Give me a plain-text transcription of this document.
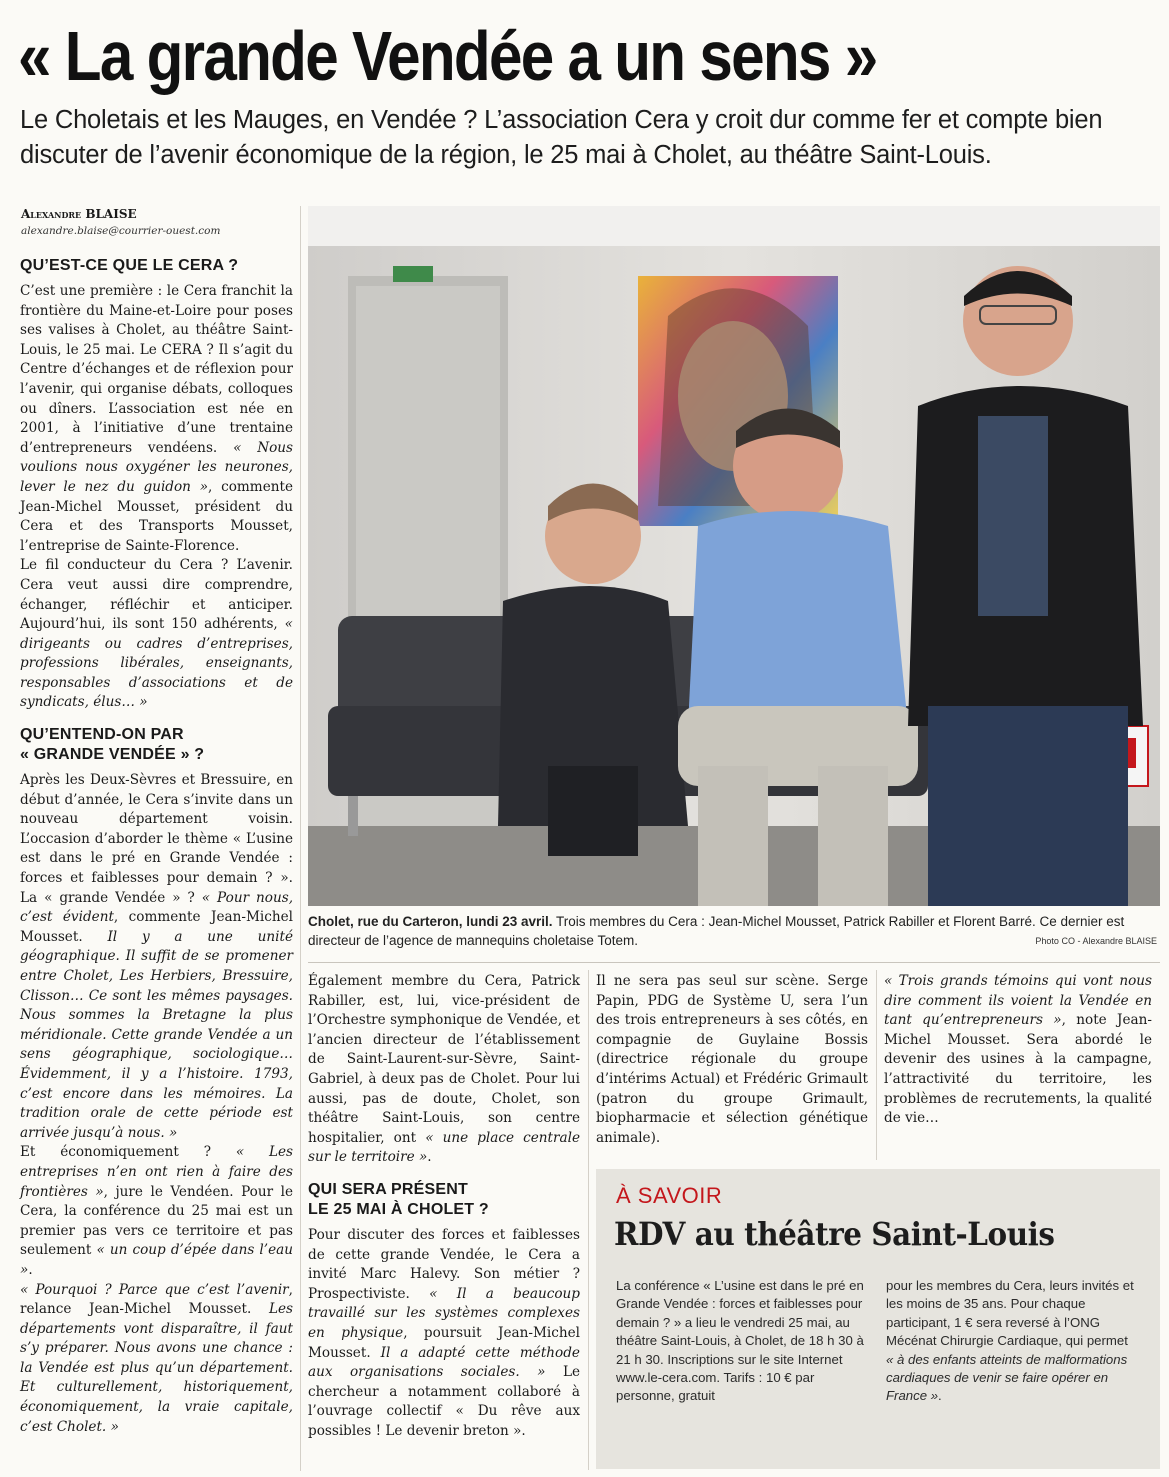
« La grande Vendée a un sens »
Le Choletais et les Mauges, en Vendée ? L’association Cera y croit dur comme fer et compte bien discuter de l’avenir économique de la région, le 25 mai à Cholet, au théâtre Saint-Louis.
Alexandre BLAISE
alexandre.blaise@courrier-ouest.com
QU’EST-CE QUE LE CERA ?

C’est une première : le Cera franchit la frontière du Maine-et-Loire pour poses ses valises à Cholet, au théâtre Saint-Louis, le 25 mai. Le CERA ? Il s’agit du Centre d’échanges et de réflexion pour l’avenir, qui organise débats, colloques ou dîners. L’association est née en 2001, à l’initiative d’une trentaine d’entrepreneurs vendéens. « Nous voulions nous oxygéner les neurones, lever le nez du guidon », commente Jean-Michel Mousset, président du Cera et des Transports Mousset, l’entreprise de Sainte-Florence.

Le fil conducteur du Cera ? L’avenir. Cera veut aussi dire comprendre, échanger, réfléchir et anticiper. Aujourd’hui, ils sont 150 adhérents, « dirigeants ou cadres d’entreprises, professions libérales, enseignants, responsables d’associations et de syndicats, élus… »

QU’ENTEND-ON PAR
« GRANDE VENDÉE » ?

Après les Deux-Sèvres et Bressuire, en début d’année, le Cera s’invite dans un nouveau département voisin. L’occasion d’aborder le thème « L’usine est dans le pré en Grande Vendée : forces et faiblesses pour demain ? ». La « grande Vendée » ? « Pour nous, c’est évident, commente Jean-Michel Mousset. Il y a une unité géographique. Il suffit de se promener entre Cholet, Les Herbiers, Bressuire, Clisson… Ce sont les mêmes paysages. Nous sommes la Bretagne la plus méridionale. Cette grande Vendée a un sens géographique, sociologique… Évidemment, il y a l’histoire. 1793, c’est encore dans les mémoires. La tradition orale de cette période est arrivée jusqu’à nous. »

Et économiquement ? « Les entreprises n’en ont rien à faire des frontières », jure le Vendéen. Pour le Cera, la conférence du 25 mai est un premier pas vers ce territoire et pas seulement « un coup d’épée dans l’eau ».

« Pourquoi ? Parce que c’est l’avenir, relance Jean-Michel Mousset. Les départements vont disparaître, il faut s’y préparer. Nous avons une chance : la Vendée est plus qu’un département. Et culturellement, historiquement, économiquement, la vraie capitale, c’est Cholet. »

Cholet, rue du Carteron, lundi 23 avril. Trois membres du Cera : Jean-Michel Mousset, Patrick Rabiller et Florent Barré. Ce dernier est directeur de l’agence de mannequins choletaise Totem.	Photo CO - Alexandre BLAISE

Également membre du Cera, Patrick Rabiller, est, lui, vice-président de l’Orchestre symphonique de Vendée, et l’ancien directeur de l’établissement de Saint-Laurent-sur-Sèvre, Saint-Gabriel, à deux pas de Cholet. Pour lui aussi, pas de doute, Cholet, son théâtre Saint-Louis, son centre hospitalier, ont « une place centrale sur le territoire ».

QUI SERA PRÉSENT
LE 25 MAI À CHOLET ?

Pour discuter des forces et faiblesses de cette grande Vendée, le Cera a invité Marc Halevy. Son métier ? Prospectiviste. « Il a beaucoup travaillé sur les systèmes complexes en physique, poursuit Jean-Michel Mousset. Il a adapté cette méthode aux organisations sociales. » Le chercheur a notamment collaboré à l’ouvrage collectif « Du rêve aux possibles ! Le devenir breton ».

Il ne sera pas seul sur scène. Serge Papin, PDG de Système U, sera l’un des trois entrepreneurs à ses côtés, en compagnie de Guylaine Bossis (directrice régionale du groupe d’intérims Actual) et Frédéric Grimault (patron du groupe Grimault, biopharmacie et sélection génétique animale).

« Trois grands témoins qui vont nous dire comment ils voient la Vendée en tant qu’entrepreneurs », note Jean-Michel Mousset. Sera abordé le devenir des usines à la campagne, l’attractivité du territoire, les problèmes de recrutements, la qualité de vie…

À SAVOIR
RDV au théâtre Saint-Louis
La conférence « L’usine est dans le pré en Grande Vendée : forces et faiblesses pour demain ? » a lieu le vendredi 25 mai, au théâtre Saint-Louis, à Cholet, de 18 h 30 à 21 h 30. Inscriptions sur le site Internet www.le-cera.com. Tarifs : 10 € par personne, gratuit
pour les membres du Cera, leurs invités et les moins de 35 ans. Pour chaque participant, 1 € sera reversé à l’ONG Mécénat Chirurgie Cardiaque, qui permet « à des enfants atteints de malformations cardiaques de venir se faire opérer en France ».
